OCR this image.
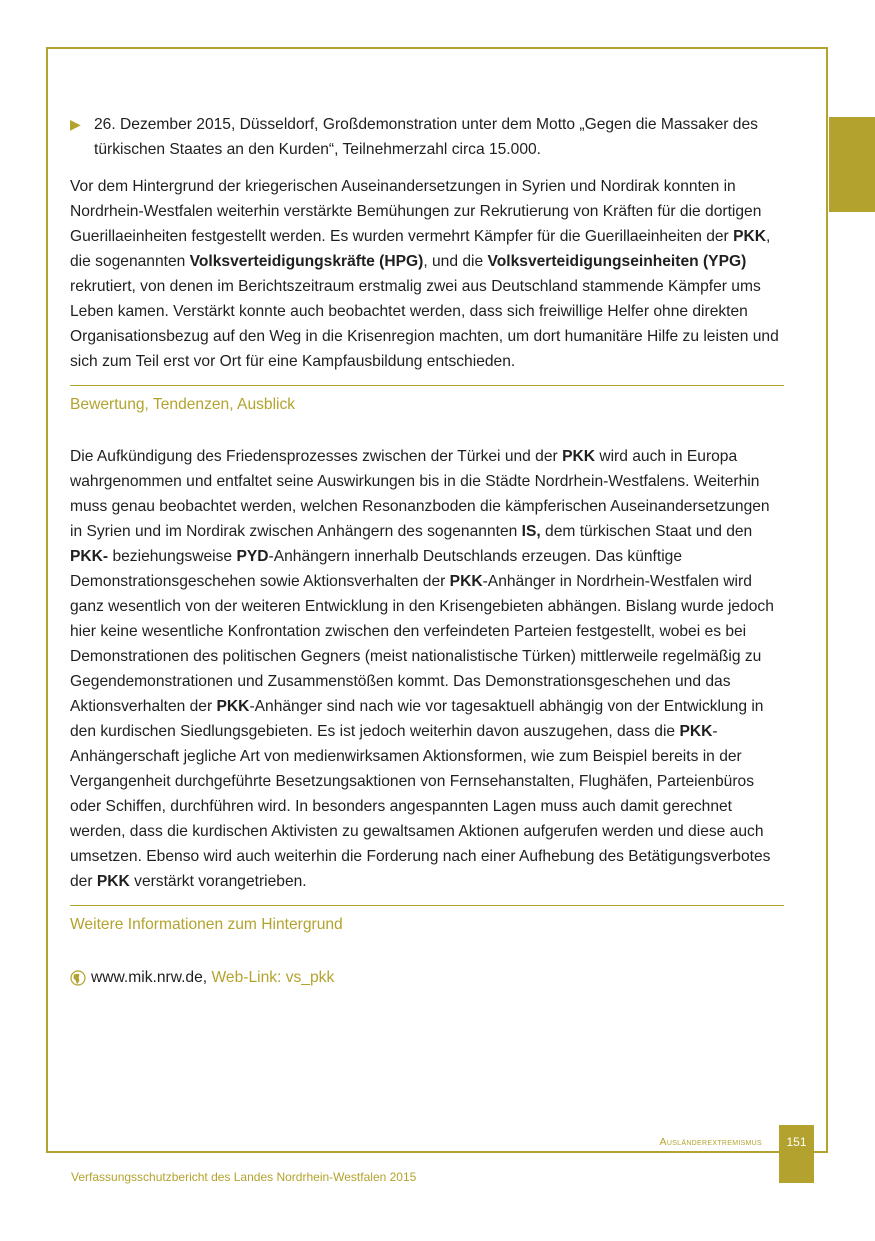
▶ 26. Dezember 2015, Düsseldorf, Großdemonstration unter dem Motto „Gegen die Massaker des türkischen Staates an den Kurden“, Teilnehmerzahl circa 15.000.

Vor dem Hintergrund der kriegerischen Auseinandersetzungen in Syrien und Nordirak konnten in Nordrhein-Westfalen weiterhin verstärkte Bemühungen zur Rekrutierung von Kräften für die dortigen Guerillaeinheiten festgestellt werden. Es wurden vermehrt Kämpfer für die Guerillaeinheiten der PKK, die sogenannten Volksverteidigungskräfte (HPG), und die Volksverteidigungseinheiten (YPG) rekrutiert, von denen im Berichtszeitraum erstmalig zwei aus Deutschland stammende Kämpfer ums Leben kamen. Verstärkt konnte auch beobachtet werden, dass sich freiwillige Helfer ohne direkten Organisationsbezug auf den Weg in die Krisenregion machten, um dort humanitäre Hilfe zu leisten und sich zum Teil erst vor Ort für eine Kampfausbildung entschieden.

Bewertung, Tendenzen, Ausblick

Die Aufkündigung des Friedensprozesses zwischen der Türkei und der PKK wird auch in Europa wahrgenommen und entfaltet seine Auswirkungen bis in die Städte Nordrhein-Westfalens. Weiterhin muss genau beobachtet werden, welchen Resonanzboden die kämpferischen Auseinandersetzungen in Syrien und im Nordirak zwischen Anhängern des sogenannten IS, dem türkischen Staat und den PKK- beziehungsweise PYD-Anhängern innerhalb Deutschlands erzeugen. Das künftige Demonstrationsgeschehen sowie Aktionsverhalten der PKK-Anhänger in Nordrhein-Westfalen wird ganz wesentlich von der weiteren Entwicklung in den Krisengebieten abhängen. Bislang wurde jedoch hier keine wesentliche Konfrontation zwischen den verfeindeten Parteien festgestellt, wobei es bei Demonstrationen des politischen Gegners (meist nationalistische Türken) mittlerweile regelmäßig zu Gegendemonstrationen und Zusammenstößen kommt. Das Demonstrationsgeschehen und das Aktionsverhalten der PKK-Anhänger sind nach wie vor tagesaktuell abhängig von der Entwicklung in den kurdischen Siedlungsgebieten. Es ist jedoch weiterhin davon auszugehen, dass die PKK-Anhängerschaft jegliche Art von medienwirksamen Aktionsformen, wie zum Beispiel bereits in der Vergangenheit durchgeführte Besetzungsaktionen von Fernsehanstalten, Flughäfen, Parteienbüros oder Schiffen, durchführen wird. In besonders angespannten Lagen muss auch damit gerechnet werden, dass die kurdischen Aktivisten zu gewaltsamen Aktionen aufgerufen werden und diese auch umsetzen. Ebenso wird auch weiterhin die Forderung nach einer Aufhebung des Betätigungsverbotes der PKK verstärkt vorangetrieben.

Weitere Informationen zum Hintergrund
www.mik.nrw.de , Web-Link: vs_pkk
Ausländerextremismus	151
Verfassungsschutzbericht des Landes Nordrhein-Westfalen 2015
